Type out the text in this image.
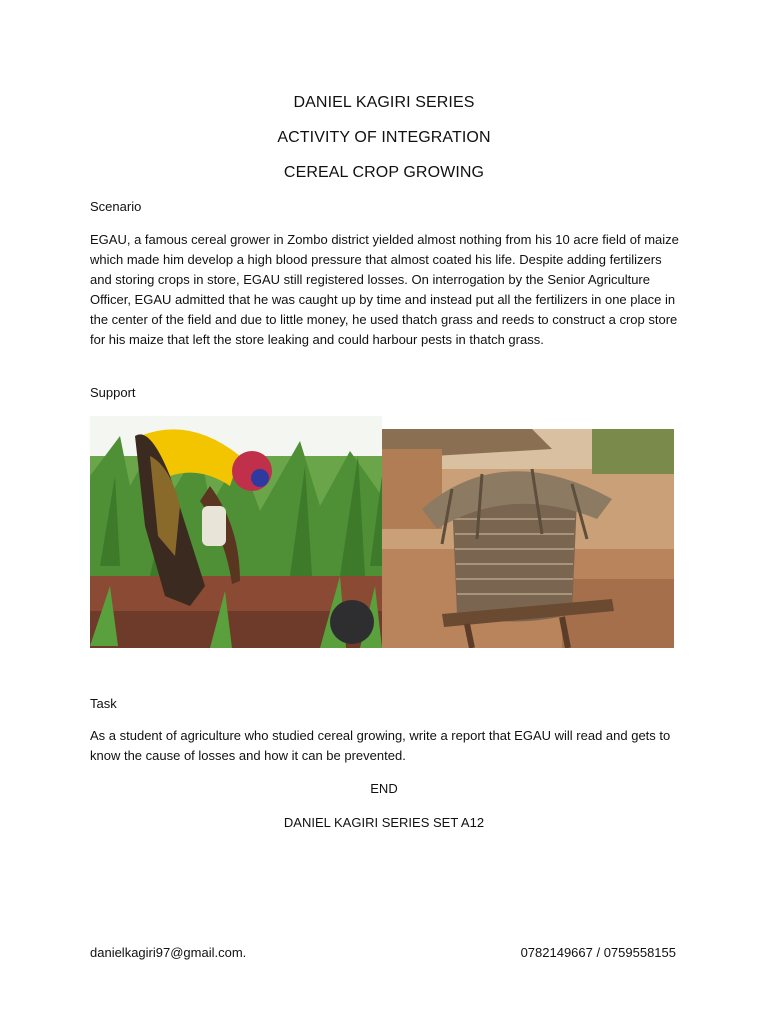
DANIEL KAGIRI SERIES
ACTIVITY OF INTEGRATION
CEREAL CROP GROWING
Scenario
EGAU, a famous cereal grower in Zombo district yielded almost nothing from his 10 acre field of maize which made him develop a high blood pressure that almost coated his life. Despite adding fertilizers and storing crops in store, EGAU still registered losses. On interrogation by the Senior Agriculture Officer, EGAU admitted that he was caught up by time and instead put all the fertilizers in one place in the center of the field and due to little money, he used thatch grass and reeds to construct a crop store for his maize that left the store leaking and could harbour pests in thatch grass.
Support
Task
As a student of agriculture who studied cereal growing, write a report that EGAU will read and gets to know the cause of losses and how it can be prevented.
END
DANIEL KAGIRI SERIES SET A12
danielkagiri97@gmail.com.	0782149667 / 0759558155
